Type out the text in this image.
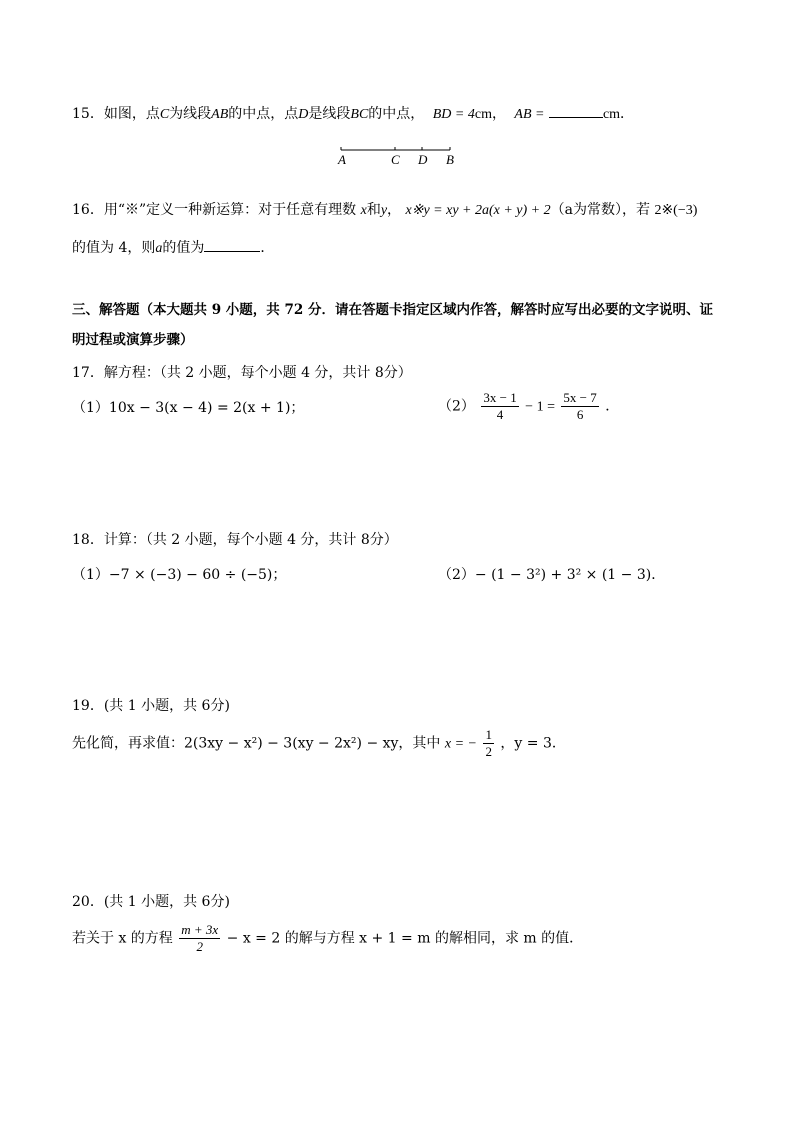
15．如图，点C为线段AB的中点，点D是线段BC的中点， BD = 4cm， AB =	cm．
A	C D B
16．用“※”定义一种新运算：对于任意有理数 x和y， x※y = xy + 2a(x + y) + 2（a为常数），若 2※(−3)
的值为 4，则a的值为	．
三、解答题（本大题共 9 小题，共 72 分．请在答题卡指定区域内作答，解答时应写出必要的文字说明、证
明过程或演算步骤）
17．解方程：（共 2 小题，每个小题 4 分，共计 8分）
（1）10x − 3(x − 4) = 2(x + 1)；	$(2) \frac{3x - 1}{4} - 1 = \frac{5x - 7}{6}$ ．
18．计算：（共 2 小题，每个小题 4 分，共计 8分）
（1）−7 × (−3) − 60 ÷ (−5)；	（2）− (1 − 3²) + 3² × (1 − 3)．
19．(共 1 小题，共 6分)
先化简，再求值：2(3xy − x²) − 3(xy − 2x²) − xy，其中 x = − $\frac{1}{2}$ ，y = 3．
20．(共 1 小题，共 6分)
若关于 x 的方程 $\frac{m + 3x}{2} - x = 2$ 的解与方程 x + 1 = m 的解相同，求 m 的值．
